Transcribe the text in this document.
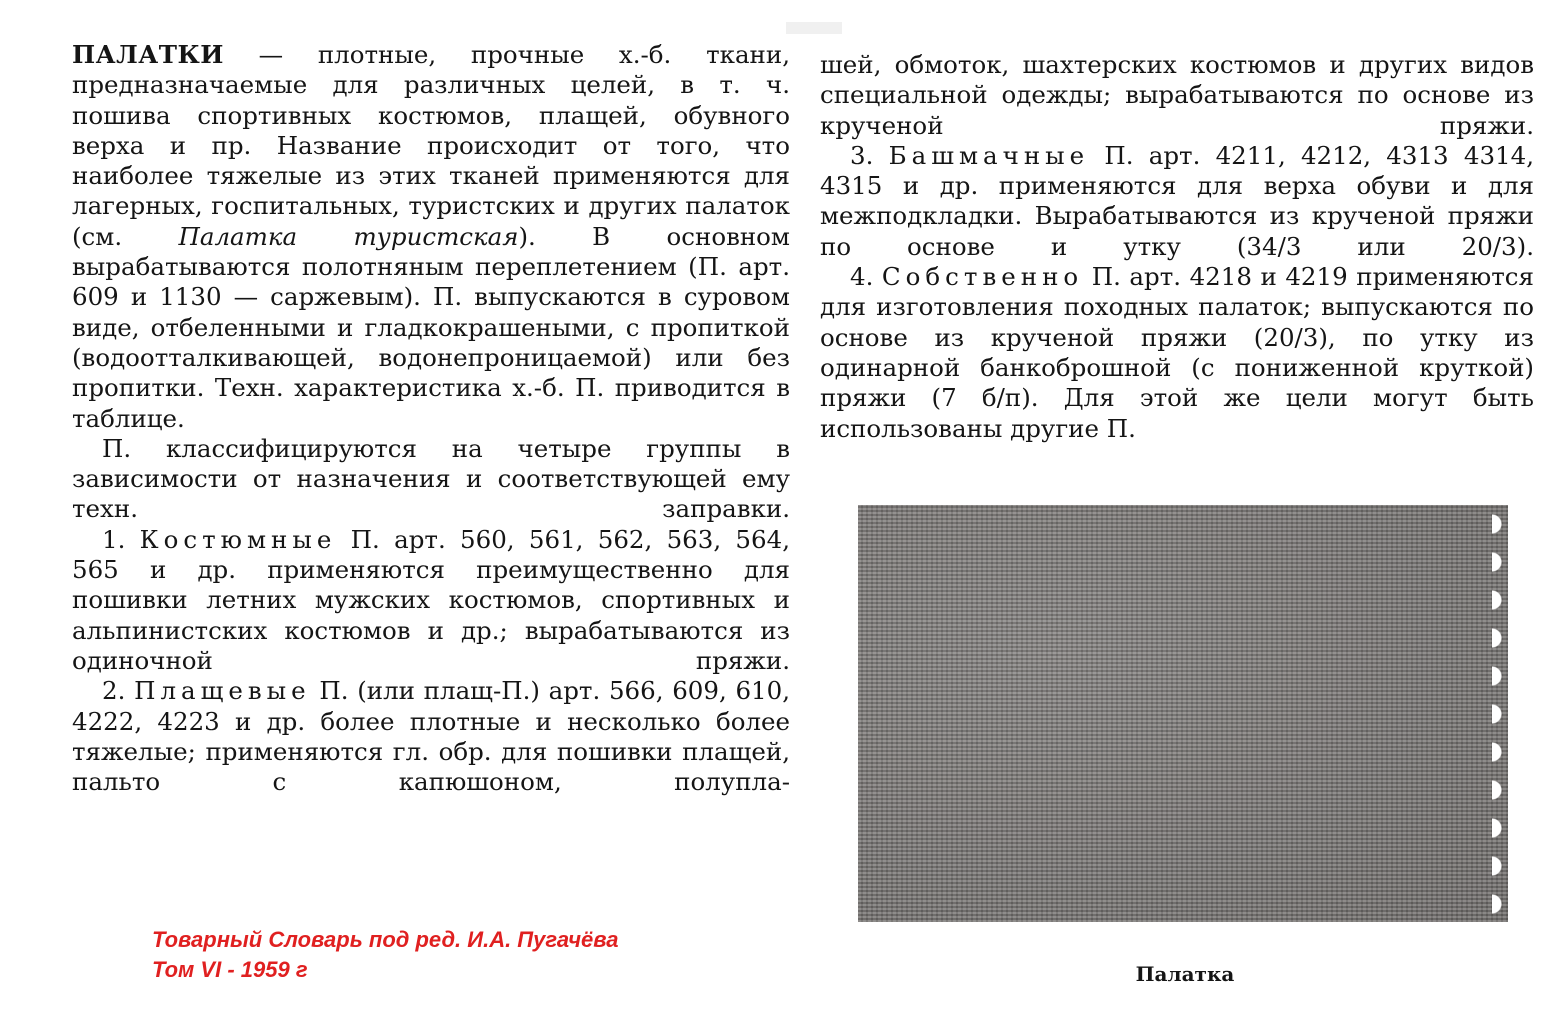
ПАЛАТКИ — плотные, прочные х.-б. ткани, предназначаемые для различных целей, в т. ч. пошива спортивных костюмов, плащей, обувного верха и пр. Название происходит от того, что наиболее тяжелые из этих тканей применяются для лагерных, госпитальных, туристских и других палаток (см. Палатка туристская). В основном вырабатываются полотняным переплетением (П. арт. 609 и 1130 — саржевым). П. выпускаются в суровом виде, отбеленными и гладкокрашеными, с пропиткой (водоотталкивающей, водонепроницаемой) или без пропитки. Техн. характеристика х.-б. П. приводится в таблице.

П. классифицируются на четыре группы в зависимости от назначения и соответствующей ему техн. заправки.

1. Костюмные П. арт. 560, 561, 562, 563, 564, 565 и др. применяются преимущественно для пошивки летних мужских костюмов, спортивных и альпинистских костюмов и др.; вырабатываются из одиночной пряжи.

2. Плащевые П. (или плащ-П.) арт. 566, 609, 610, 4222, 4223 и др. более плотные и несколько более тяжелые; применяются гл. обр. для пошивки плащей, пальто с капюшоном, полупла-

шей, обмоток, шахтерских костюмов и других видов специальной одежды; вырабатываются по основе из крученой пряжи.

3. Башмачные П. арт. 4211, 4212, 4313 4314, 4315 и др. применяются для верха обуви и для межподкладки. Вырабатываются из крученой пряжи по основе и утку (34/3 или 20/3).

4. Собственно П. арт. 4218 и 4219 применяются для изготовления походных палаток; выпускаются по основе из крученой пряжи (20/3), по утку из одинарной банкоброшной (с пониженной круткой) пряжи (7 б/п). Для этой же цели могут быть использованы другие П.

Палатка
Товарный Словарь под ред. И.А. Пугачёва
Том VI - 1959 г
